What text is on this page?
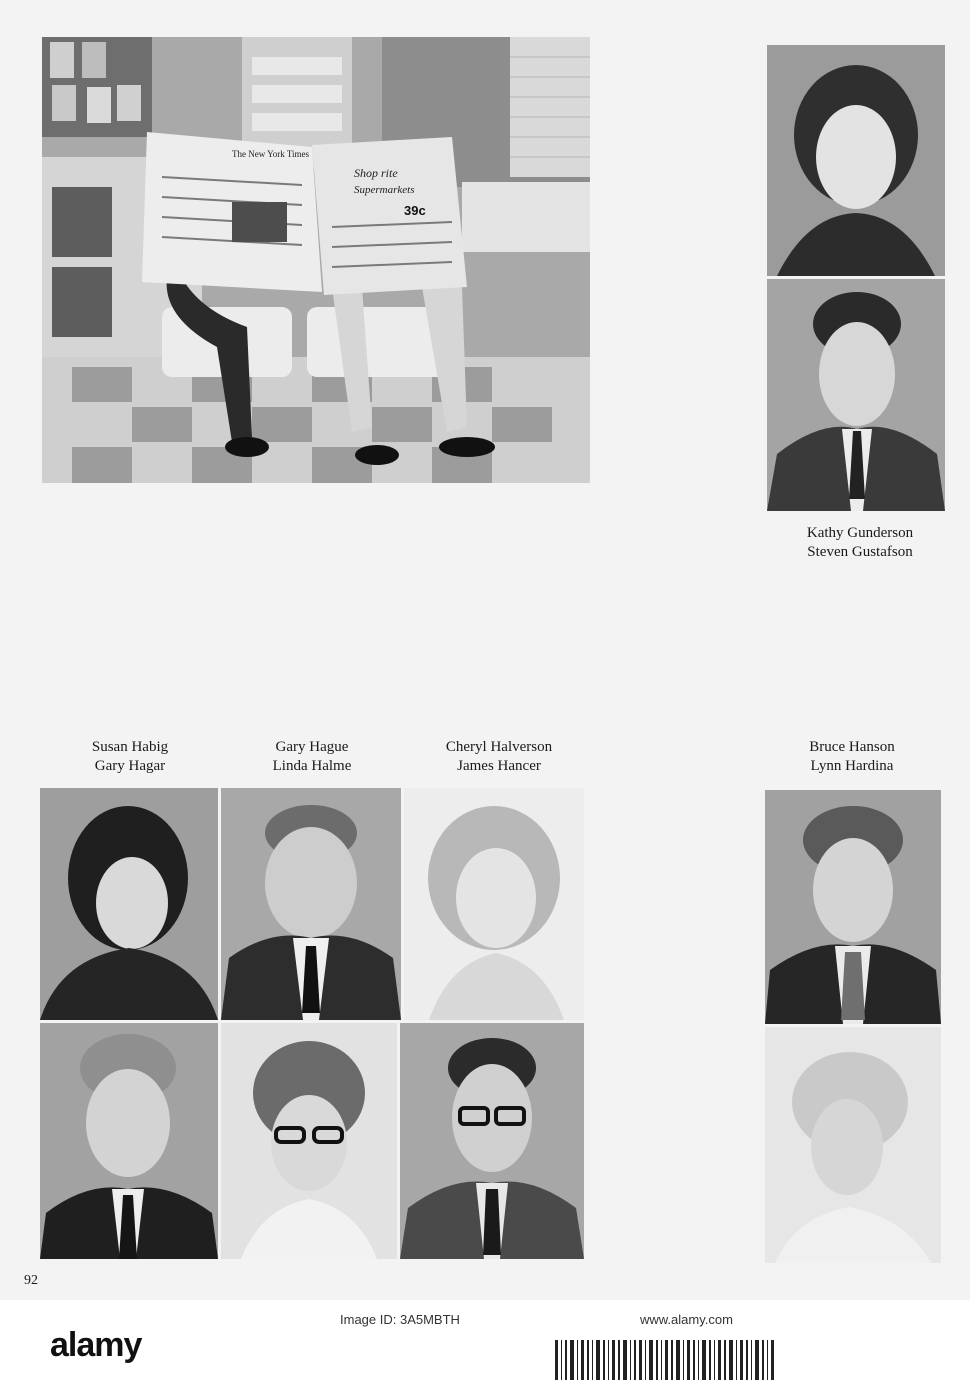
The New York Times
Shop rite
Supermarkets
39c
Kathy Gunderson
Steven Gustafson
Susan Habig
Gary Hagar
Gary Hague
Linda Halme
Cheryl Halverson
James Hancer
Bruce Hanson
Lynn Hardina
92
alamy
Image ID: 3A5MBTH	www.alamy.com
